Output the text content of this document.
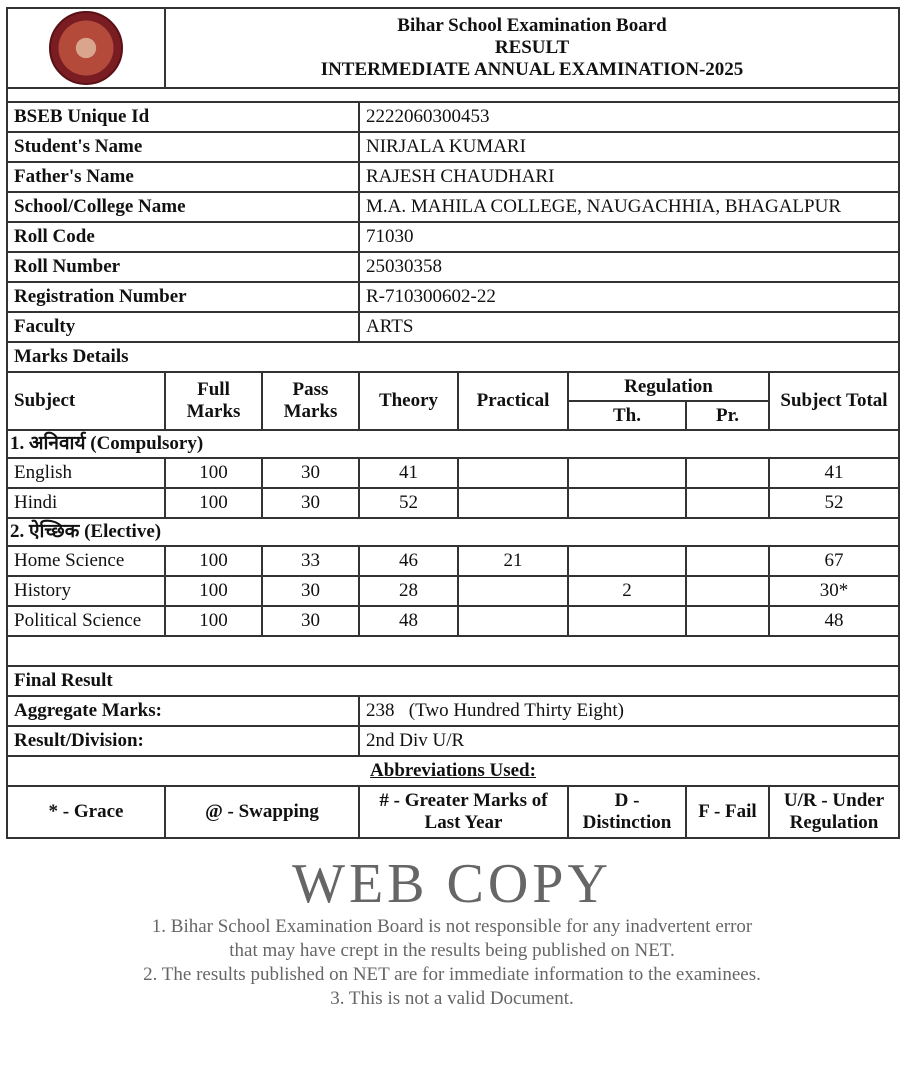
	Bihar School Examination Board
RESULT
INTERMEDIATE ANNUAL EXAMINATION-2025						

BSEB Unique Id			2222060300453				
Student's Name			NIRJALA KUMARI				
Father's Name			RAJESH CHAUDHARI				
School/College Name			M.A. MAHILA COLLEGE, NAUGACHHIA, BHAGALPUR				
Roll Code			71030				
Roll Number			25030358				
Registration Number			R-710300602-22				
Faculty			ARTS				
Marks Details							
Subject	Full Marks	Pass Marks	Theory	Practical	Regulation		Subject Total
					Th.	Pr.	
1. अनिवार्य (Compulsory)							
English	100	30	41				41
Hindi	100	30	52				52
2. ऐच्छिक (Elective)							
Home Science	100	33	46	21			67
History	100	30	28		2		30*
Political Science	100	30	48				48

Final Result							
Aggregate Marks:			238 (Two Hundred Thirty Eight)				
Result/Division:			2nd Div U/R				
Abbreviations Used:							
* - Grace	@ - Swapping		# - Greater Marks of Last Year		D - Distinction	F - Fail	U/R - Under Regulation
WEB COPY
1. Bihar School Examination Board is not responsible for any inadvertent error
that may have crept in the results being published on NET.
2. The results published on NET are for immediate information to the examinees.
3. This is not a valid Document.
